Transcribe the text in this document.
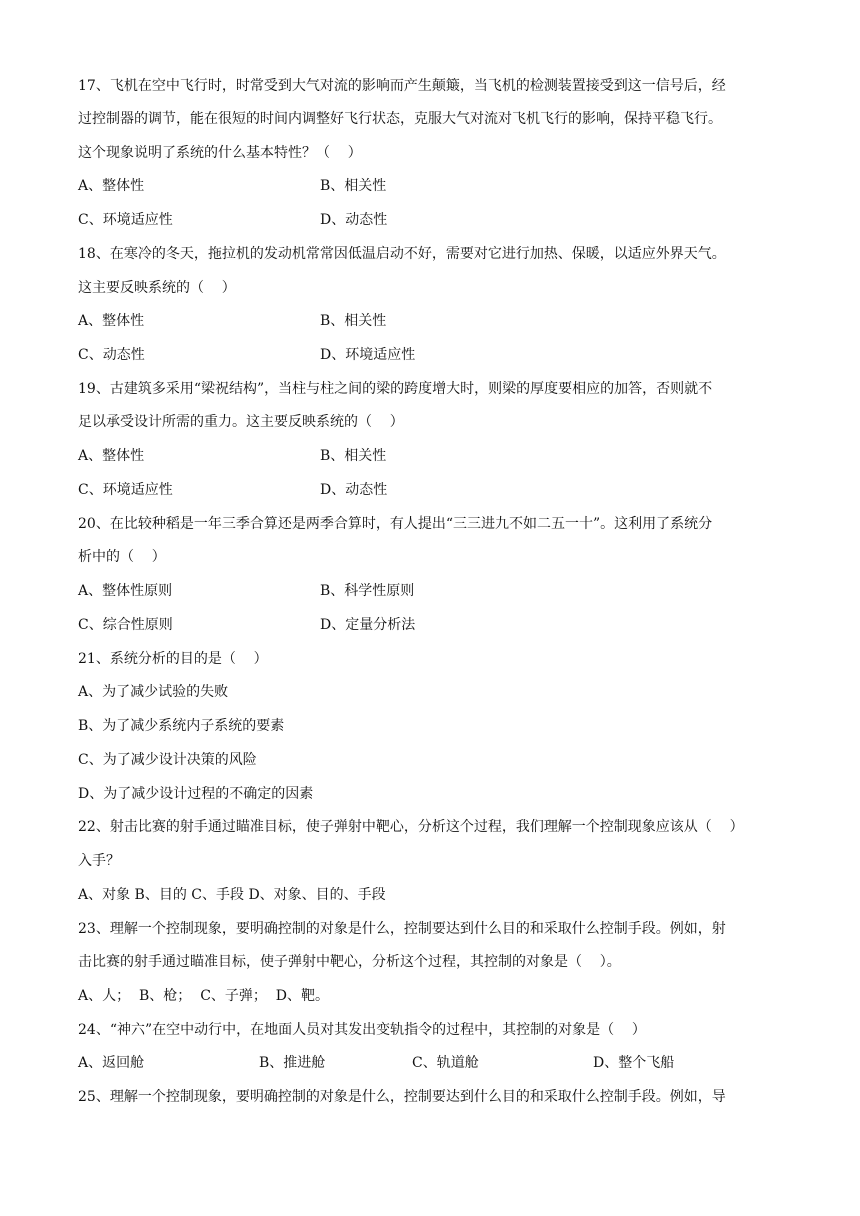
17、飞机在空中飞行时，时常受到大气对流的影响而产生颠簸，当飞机的检测装置接受到这一信号后，经
过控制器的调节，能在很短的时间内调整好飞行状态，克服大气对流对飞机飞行的影响，保持平稳飞行。
这个现象说明了系统的什么基本特性？（    ）
A、整体性	B、相关性
C、环境适应性	D、动态性
18、在寒冷的冬天，拖拉机的发动机常常因低温启动不好，需要对它进行加热、保暖，以适应外界天气。
这主要反映系统的（    ）
A、整体性	B、相关性
C、动态性	D、环境适应性
19、古建筑多采用“梁祝结构”，当柱与柱之间的梁的跨度增大时，则梁的厚度要相应的加答，否则就不
足以承受设计所需的重力。这主要反映系统的（    ）
A、整体性	B、相关性
C、环境适应性	D、动态性
20、在比较种稻是一年三季合算还是两季合算时，有人提出“三三进九不如二五一十”。这利用了系统分
析中的（    ）
A、整体性原则	B、科学性原则
C、综合性原则	D、定量分析法
21、系统分析的目的是（    ）
A、为了减少试验的失败
B、为了减少系统内子系统的要素
C、为了减少设计决策的风险
D、为了减少设计过程的不确定的因素
22、射击比赛的射手通过瞄准目标，使子弹射中靶心，分析这个过程，我们理解一个控制现象应该从（    ）
入手？
A、对象 B、目的 C、手段 D、对象、目的、手段
23、理解一个控制现象，要明确控制的对象是什么，控制要达到什么目的和采取什么控制手段。例如，射
击比赛的射手通过瞄准目标，使子弹射中靶心，分析这个过程，其控制的对象是（    ）。
A、人；  B、枪；  C、子弹；  D、靶。
24、“神六”在空中动行中，在地面人员对其发出变轨指令的过程中，其控制的对象是（    ）
A、返回舱	B、推进舱	C、轨道舱	D、整个飞船
25、理解一个控制现象，要明确控制的对象是什么，控制要达到什么目的和采取什么控制手段。例如，导
